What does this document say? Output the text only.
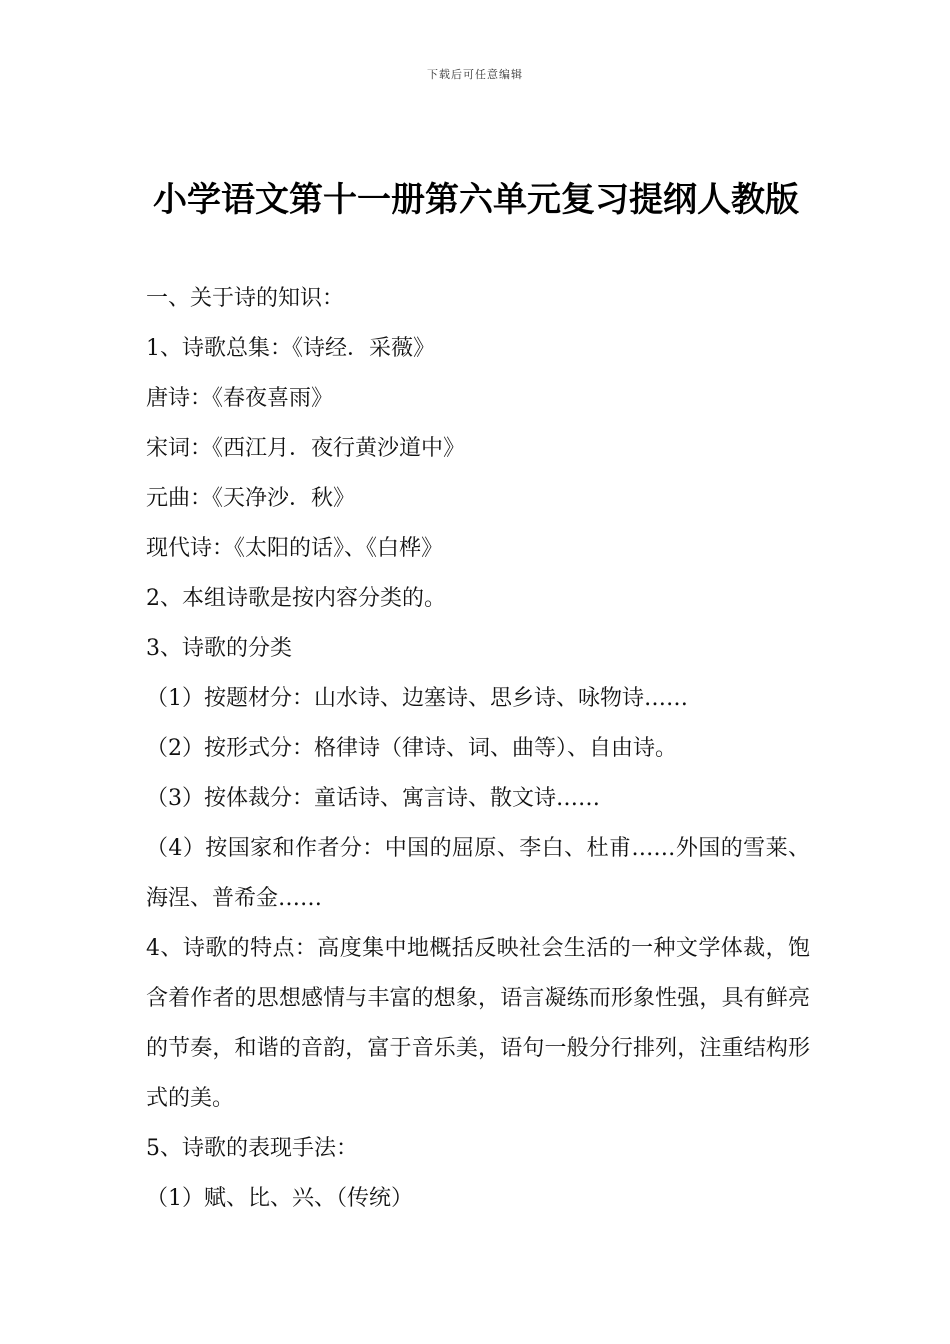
下载后可任意编辑
小学语文第十一册第六单元复习提纲人教版
一、关于诗的知识：
1、诗歌总集：《诗经．采薇》
唐诗：《春夜喜雨》
宋词：《西江月．夜行黄沙道中》
元曲：《天净沙．秋》
现代诗：《太阳的话》、《白桦》
2、本组诗歌是按内容分类的。
3、诗歌的分类
（1）按题材分：山水诗、边塞诗、思乡诗、咏物诗……
（2）按形式分：格律诗（律诗、词、曲等）、自由诗。
（3）按体裁分：童话诗、寓言诗、散文诗……
（4）按国家和作者分：中国的屈原、李白、杜甫……外国的雪莱、海涅、普希金……
4、诗歌的特点：高度集中地概括反映社会生活的一种文学体裁，饱含着作者的思想感情与丰富的想象，语言凝练而形象性强，具有鲜亮的节奏，和谐的音韵，富于音乐美，语句一般分行排列，注重结构形式的美。
5、诗歌的表现手法：
（1）赋、比、兴、（传统）
